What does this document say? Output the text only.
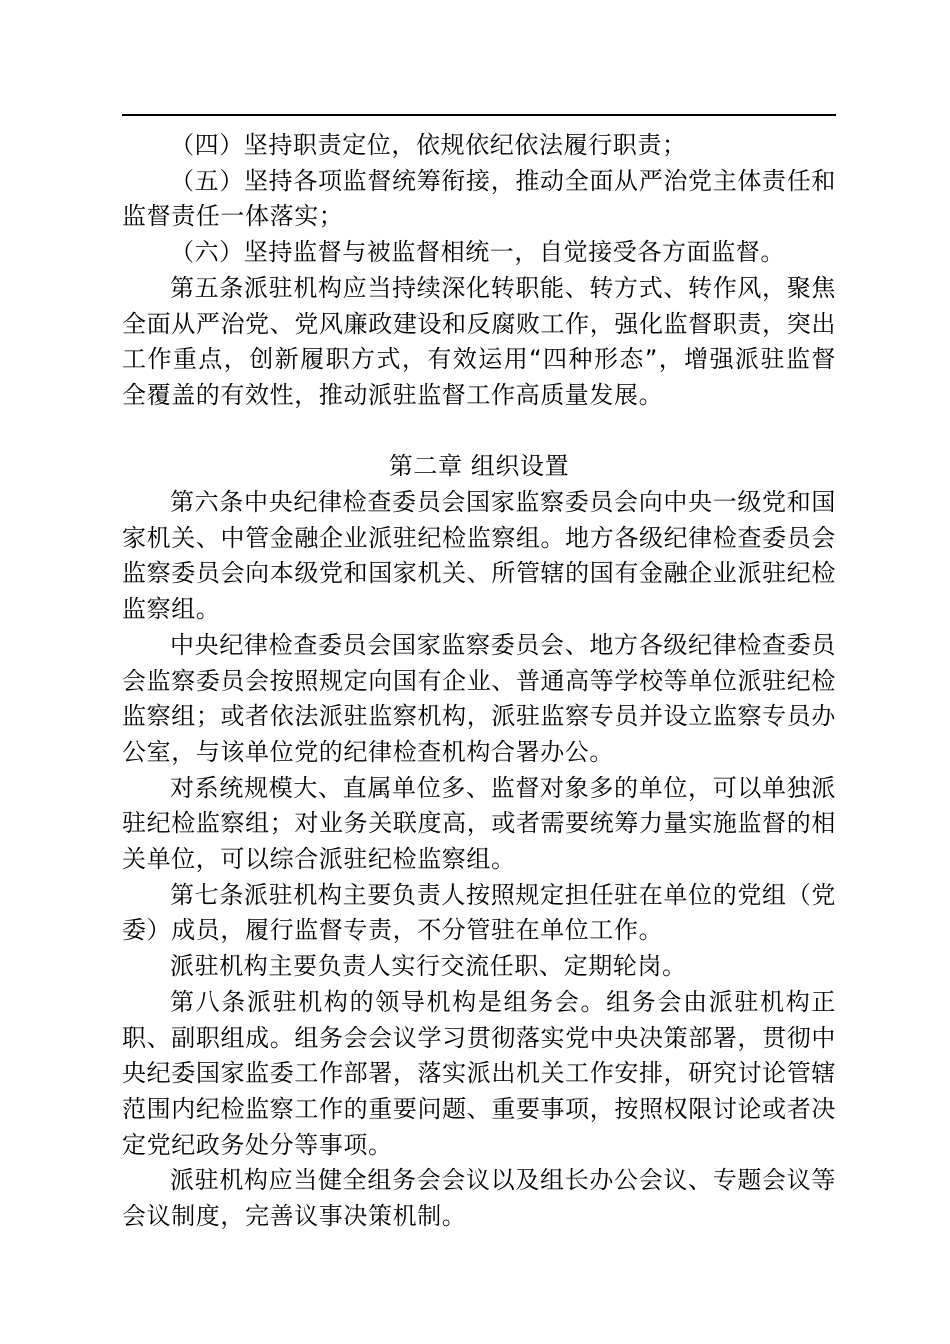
（四）坚持职责定位，依规依纪依法履行职责；

（五）坚持各项监督统筹衔接，推动全面从严治党主体责任和监督责任一体落实；

（六）坚持监督与被监督相统一，自觉接受各方面监督。

第五条派驻机构应当持续深化转职能、转方式、转作风，聚焦全面从严治党、党风廉政建设和反腐败工作，强化监督职责，突出工作重点，创新履职方式，有效运用“四种形态”，增强派驻监督全覆盖的有效性，推动派驻监督工作高质量发展。

第二章 组织设置

第六条中央纪律检查委员会国家监察委员会向中央一级党和国家机关、中管金融企业派驻纪检监察组。地方各级纪律检查委员会监察委员会向本级党和国家机关、所管辖的国有金融企业派驻纪检监察组。

中央纪律检查委员会国家监察委员会、地方各级纪律检查委员会监察委员会按照规定向国有企业、普通高等学校等单位派驻纪检监察组；或者依法派驻监察机构，派驻监察专员并设立监察专员办公室，与该单位党的纪律检查机构合署办公。

对系统规模大、直属单位多、监督对象多的单位，可以单独派驻纪检监察组；对业务关联度高，或者需要统筹力量实施监督的相关单位，可以综合派驻纪检监察组。

第七条派驻机构主要负责人按照规定担任驻在单位的党组（党委）成员，履行监督专责，不分管驻在单位工作。

派驻机构主要负责人实行交流任职、定期轮岗。

第八条派驻机构的领导机构是组务会。组务会由派驻机构正职、副职组成。组务会会议学习贯彻落实党中央决策部署，贯彻中央纪委国家监委工作部署，落实派出机关工作安排，研究讨论管辖范围内纪检监察工作的重要问题、重要事项，按照权限讨论或者决定党纪政务处分等事项。

派驻机构应当健全组务会会议以及组长办公会议、专题会议等会议制度，完善议事决策机制。
